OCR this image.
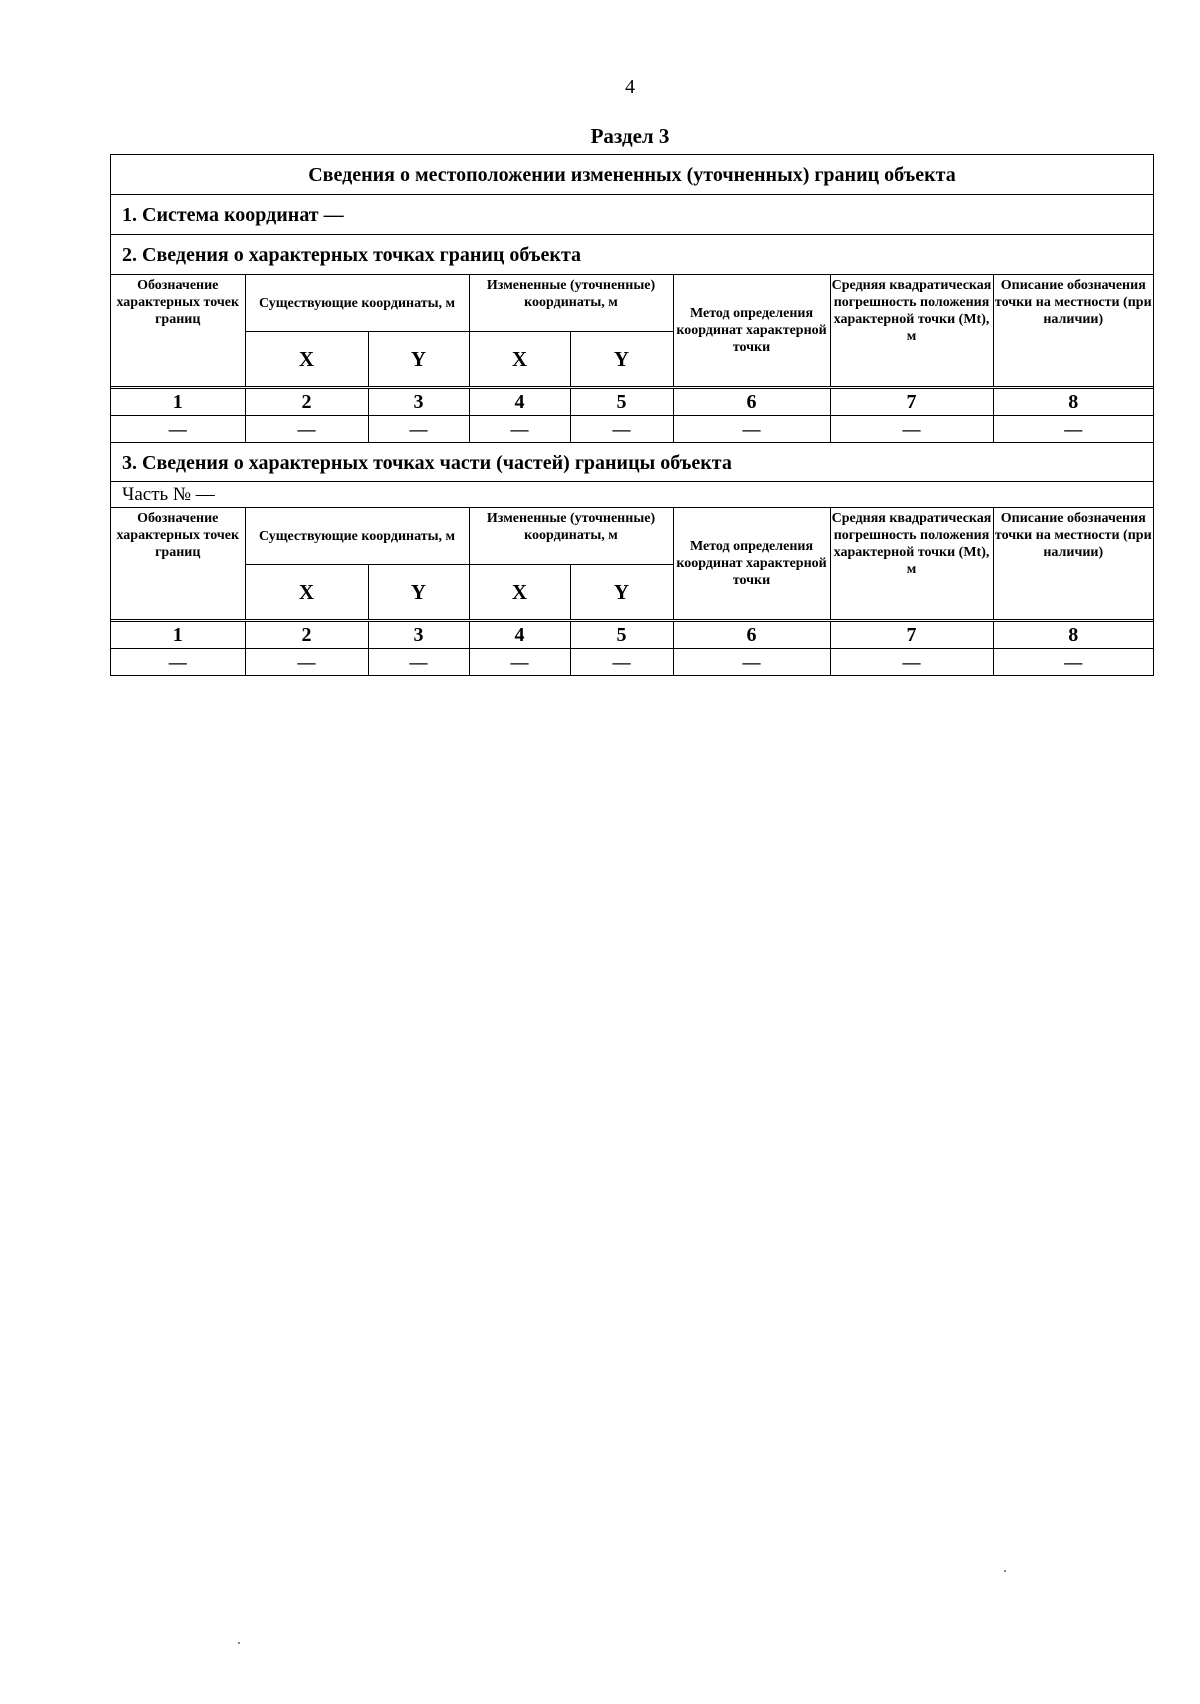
4
Раздел 3
Сведения о местоположении измененных (уточненных) границ объекта
1. Система координат —
2. Сведения о характерных точках границ объекта
Обозначение характерных точек границ	Существующие координаты, м		Измененные (уточненные) координаты, м		Метод определения координат характерной точки	Средняя квадратическая погрешность положения характерной точки (Mt), м	Описание обозначения точки на местности (при наличии)
	X	Y	X	Y			
1	2	3	4	5	6	7	8
—	—	—	—	—	—	—	—
3. Сведения о характерных точках части (частей) границы объекта
Часть № —
Обозначение характерных точек границ	Существующие координаты, м		Измененные (уточненные) координаты, м		Метод определения координат характерной точки	Средняя квадратическая погрешность положения характерной точки (Mt), м	Описание обозначения точки на местности (при наличии)
	X	Y	X	Y			
1	2	3	4	5	6	7	8
—	—	—	—	—	—	—	—
